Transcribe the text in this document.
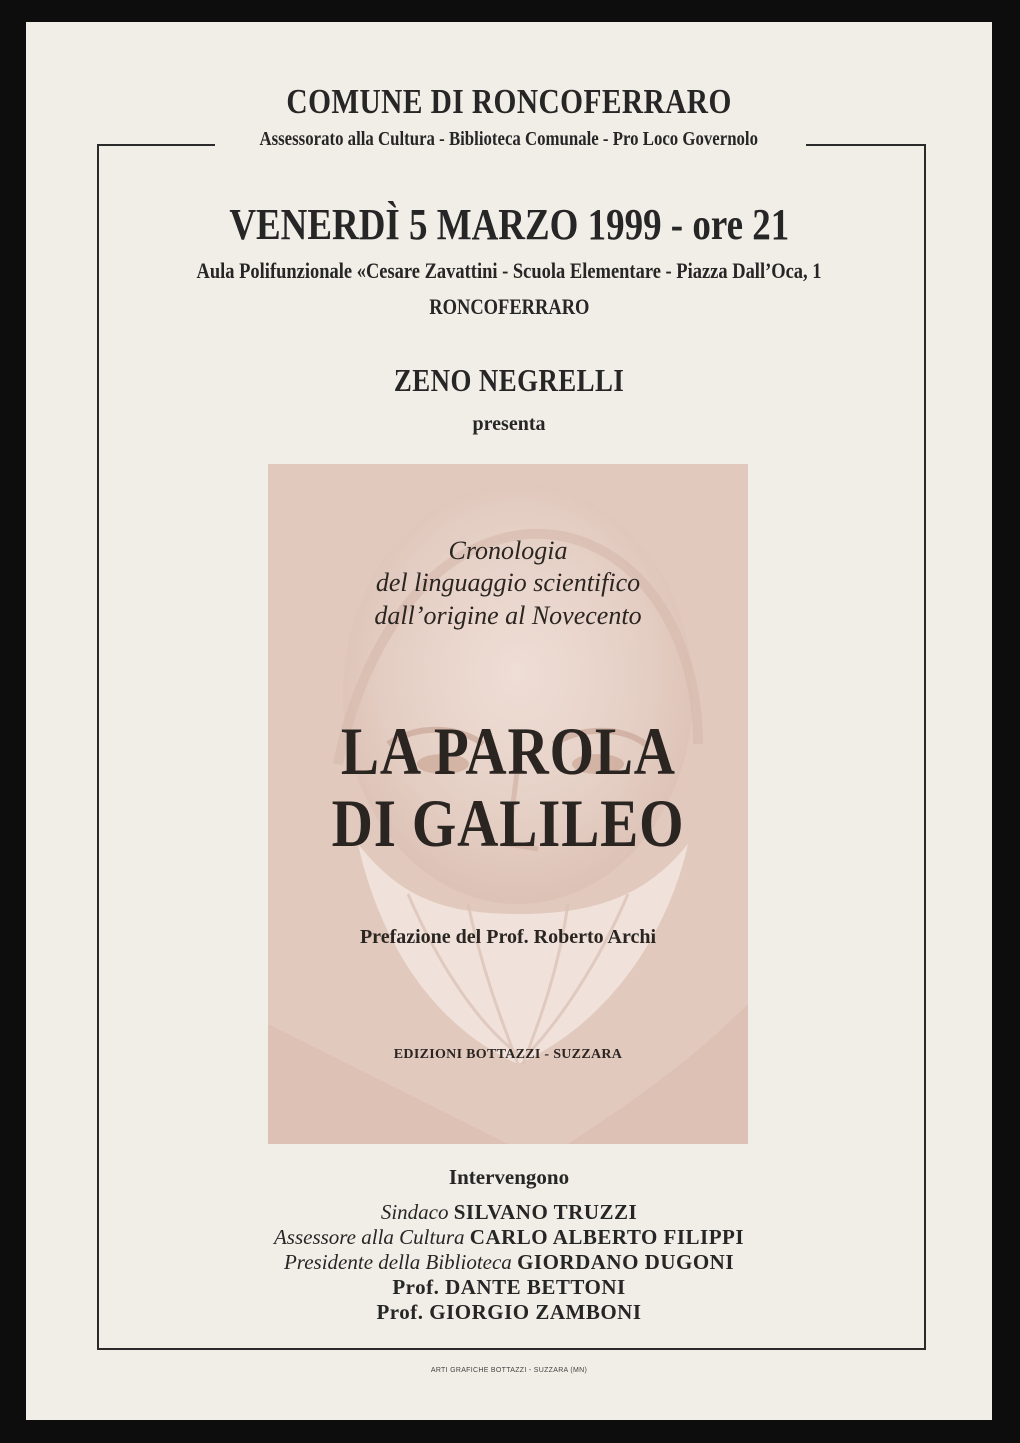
COMUNE DI RONCOFERRARO

Assessorato alla Cultura - Biblioteca Comunale - Pro Loco Governolo

VENERDÌ 5 MARZO 1999 - ore 21

Aula Polifunzionale «Cesare Zavattini - Scuola Elementare - Piazza Dall’Oca, 1

RONCOFERRARO

ZENO NEGRELLI

presenta

Cronologia

del linguaggio scientifico

dall’origine al Novecento

LA PAROLA

DI GALILEO

Prefazione del Prof. Roberto Archi

EDIZIONI BOTTAZZI - SUZZARA

Intervengono

Sindaco SILVANO TRUZZI

Assessore alla Cultura CARLO ALBERTO FILIPPI

Presidente della Biblioteca GIORDANO DUGONI

Prof. DANTE BETTONI

Prof. GIORGIO ZAMBONI

ARTI GRAFICHE BOTTAZZI - SUZZARA (MN)
